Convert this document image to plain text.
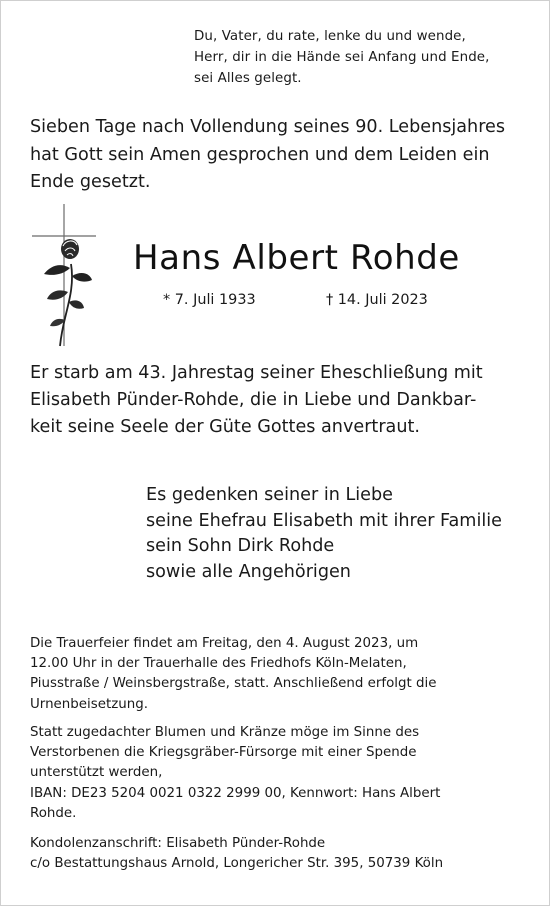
Du, Vater, du rate, lenke du und wende,
Herr, dir in die Hände sei Anfang und Ende,
sei Alles gelegt.
Sieben Tage nach Vollendung seines 90. Lebensjahres
hat Gott sein Amen gesprochen und dem Leiden ein
Ende gesetzt.
Hans Albert Rohde
* 7. Juli 1933	† 14. Juli 2023
Er starb am 43. Jahrestag seiner Eheschließung mit
Elisabeth Pünder-Rohde, die in Liebe und Dankbar-
keit seine Seele der Güte Gottes anvertraut.
Es gedenken seiner in Liebe
seine Ehefrau Elisabeth mit ihrer Familie
sein Sohn Dirk Rohde
sowie alle Angehörigen
Die Trauerfeier findet am Freitag, den 4. August 2023, um
12.00 Uhr in der Trauerhalle des Friedhofs Köln-Melaten,
Piusstraße / Weinsbergstraße, statt. Anschließend erfolgt die
Urnenbeisetzung.
Statt zugedachter Blumen und Kränze möge im Sinne des
Verstorbenen die Kriegsgräber-Fürsorge mit einer Spende
unterstützt werden,
IBAN: DE23 5204 0021 0322 2999 00, Kennwort: Hans Albert
Rohde.
Kondolenzanschrift: Elisabeth Pünder-Rohde
c/o Bestattungshaus Arnold, Longericher Str. 395, 50739 Köln
